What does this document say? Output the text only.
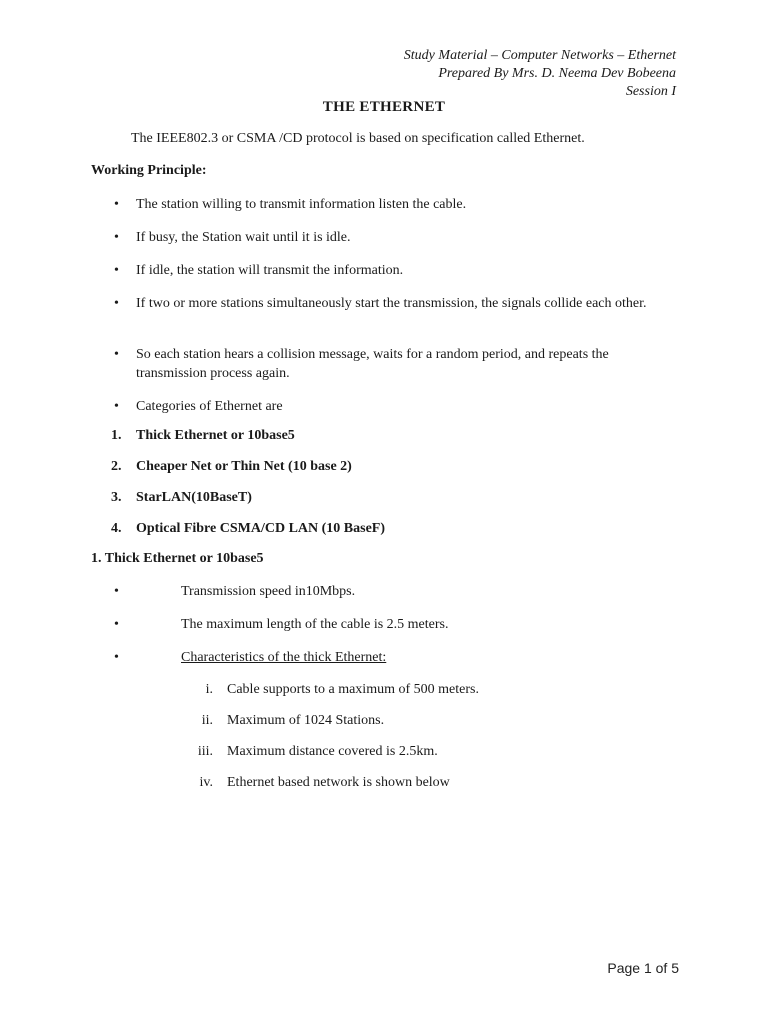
Study Material – Computer Networks – Ethernet
Prepared By Mrs. D. Neema Dev Bobeena
Session I
THE ETHERNET
The IEEE802.3 or CSMA /CD protocol is based on specification called Ethernet.
Working Principle:
• The station willing to transmit information listen the cable.
• If busy, the Station wait until it is idle.
• If idle, the station will transmit the information.
• If two or more stations simultaneously start the transmission, the signals collide each other.
• So each station hears a collision message, waits for a random period, and repeats the transmission process again.
• Categories of Ethernet are
1. Thick Ethernet or 10base5
2. Cheaper Net or Thin Net (10 base 2)
3. StarLAN(10BaseT)
4. Optical Fibre CSMA/CD LAN (10 BaseF)
1. Thick Ethernet or 10base5
•	Transmission speed in10Mbps.
•	The maximum length of the cable is 2.5 meters.
•	Characteristics of the thick Ethernet:
i. Cable supports to a maximum of 500 meters.
ii. Maximum of 1024 Stations.
iii. Maximum distance covered is 2.5km.
iv. Ethernet based network is shown below
Page 1 of 5
